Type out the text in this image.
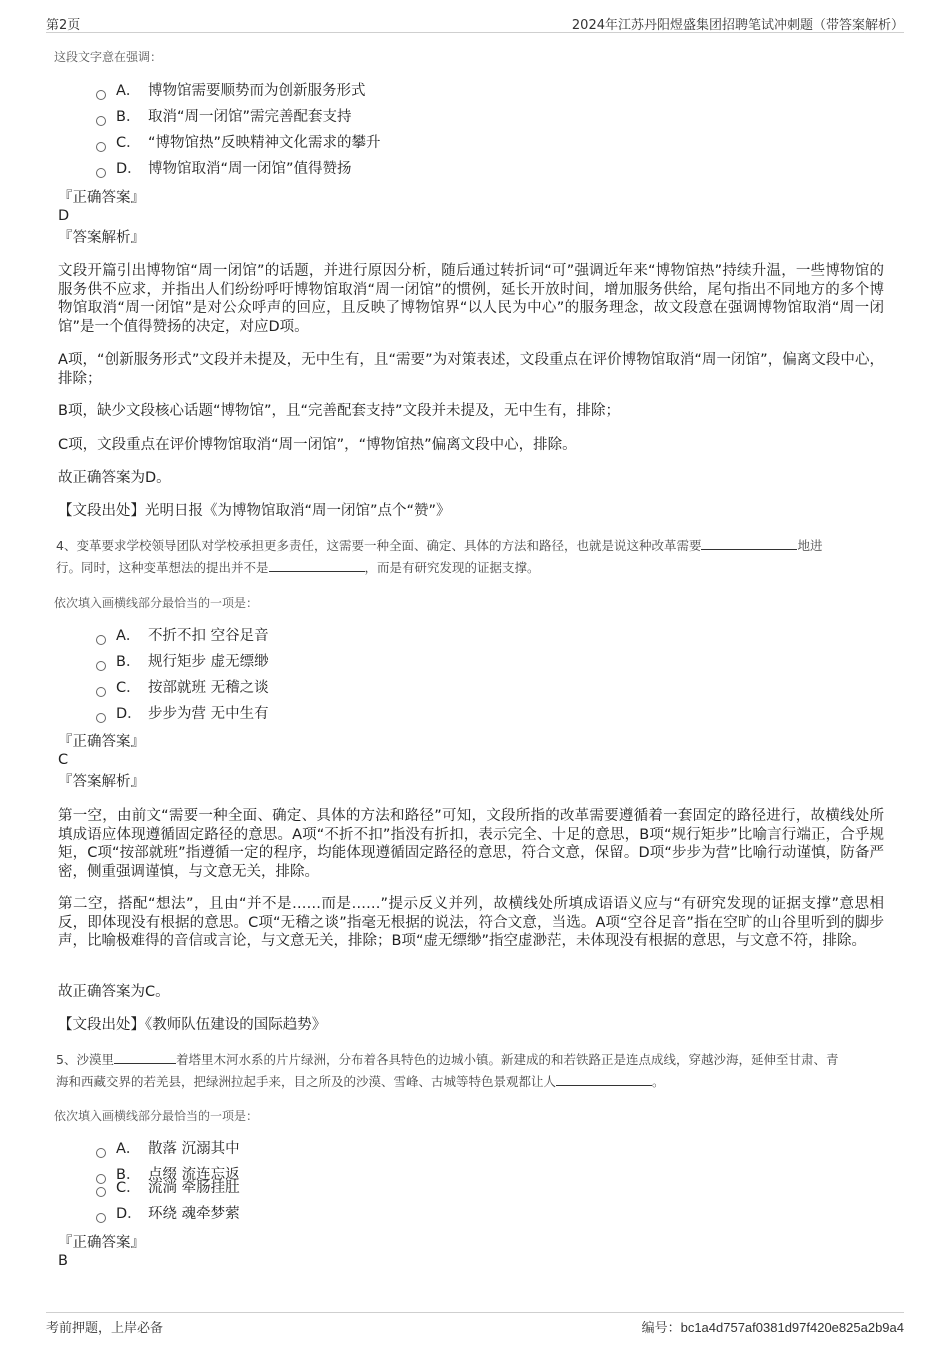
第2页	2024年江苏丹阳煜盛集团招聘笔试冲刺题（带答案解析）
这段文字意在强调：
A． 博物馆需要顺势而为创新服务形式
B． 取消“周一闭馆”需完善配套支持
C． “博物馆热”反映精神文化需求的攀升
D． 博物馆取消“周一闭馆”值得赞扬
『正确答案』
D
『答案解析』
文段开篇引出博物馆“周一闭馆”的话题，并进行原因分析，随后通过转折词“可”强调近年来“博物馆热”持续升温，一些博物馆的服务供不应求，并指出人们纷纷呼吁博物馆取消“周一闭馆”的惯例，延长开放时间，增加服务供给，尾句指出不同地方的多个博物馆取消“周一闭馆”是对公众呼声的回应，且反映了博物馆界“以人民为中心”的服务理念，故文段意在强调博物馆取消“周一闭馆”是一个值得赞扬的决定，对应D项。
A项，“创新服务形式”文段并未提及，无中生有，且“需要”为对策表述，文段重点在评价博物馆取消“周一闭馆”，偏离文段中心，排除；
B项，缺少文段核心话题“博物馆”，且“完善配套支持”文段并未提及，无中生有，排除；
C项，文段重点在评价博物馆取消“周一闭馆”，“博物馆热”偏离文段中心，排除。
故正确答案为D。
【文段出处】光明日报《为博物馆取消“周一闭馆”点个“赞”》
4、变革要求学校领导团队对学校承担更多责任，这需要一种全面、确定、具体的方法和路径，也就是说这种改革需要	地进
行。同时，这种变革想法的提出并不是	，而是有研究发现的证据支撑。
依次填入画横线部分最恰当的一项是：
A． 不折不扣 空谷足音
B． 规行矩步 虚无缥缈
C． 按部就班 无稽之谈
D． 步步为营 无中生有
『正确答案』
C
『答案解析』
第一空，由前文“需要一种全面、确定、具体的方法和路径”可知，文段所指的改革需要遵循着一套固定的路径进行，故横线处所填成语应体现遵循固定路径的意思。A项“不折不扣”指没有折扣，表示完全、十足的意思，B项“规行矩步”比喻言行端正，合乎规矩，C项“按部就班”指遵循一定的程序，均能体现遵循固定路径的意思，符合文意，保留。D项“步步为营”比喻行动谨慎，防备严密，侧重强调谨慎，与文意无关，排除。
第二空，搭配“想法”，且由“并不是……而是……”提示反义并列，故横线处所填成语语义应与“有研究发现的证据支撑”意思相反，即体现没有根据的意思。C项“无稽之谈”指毫无根据的说法，符合文意，当选。A项“空谷足音”指在空旷的山谷里听到的脚步声，比喻极难得的音信或言论，与文意无关，排除；B项“虚无缥缈”指空虚渺茫，未体现没有根据的意思，与文意不符，排除。
故正确答案为C。
【文段出处】《教师队伍建设的国际趋势》
5、沙漠里	着塔里木河水系的片片绿洲，分布着各具特色的边城小镇。新建成的和若铁路正是连点成线，穿越沙海，延伸至甘肃、青
海和西藏交界的若羌县，把绿洲拉起手来，目之所及的沙漠、雪峰、古城等特色景观都让人	。
依次填入画横线部分最恰当的一项是：
A． 散落 沉溺其中
B． 点缀 流连忘返
C． 流淌 牵肠挂肚
D． 环绕 魂牵梦萦
『正确答案』
B
考前押题，上岸必备	编号：bc1a4d757af0381d97f420e825a2b9a4
